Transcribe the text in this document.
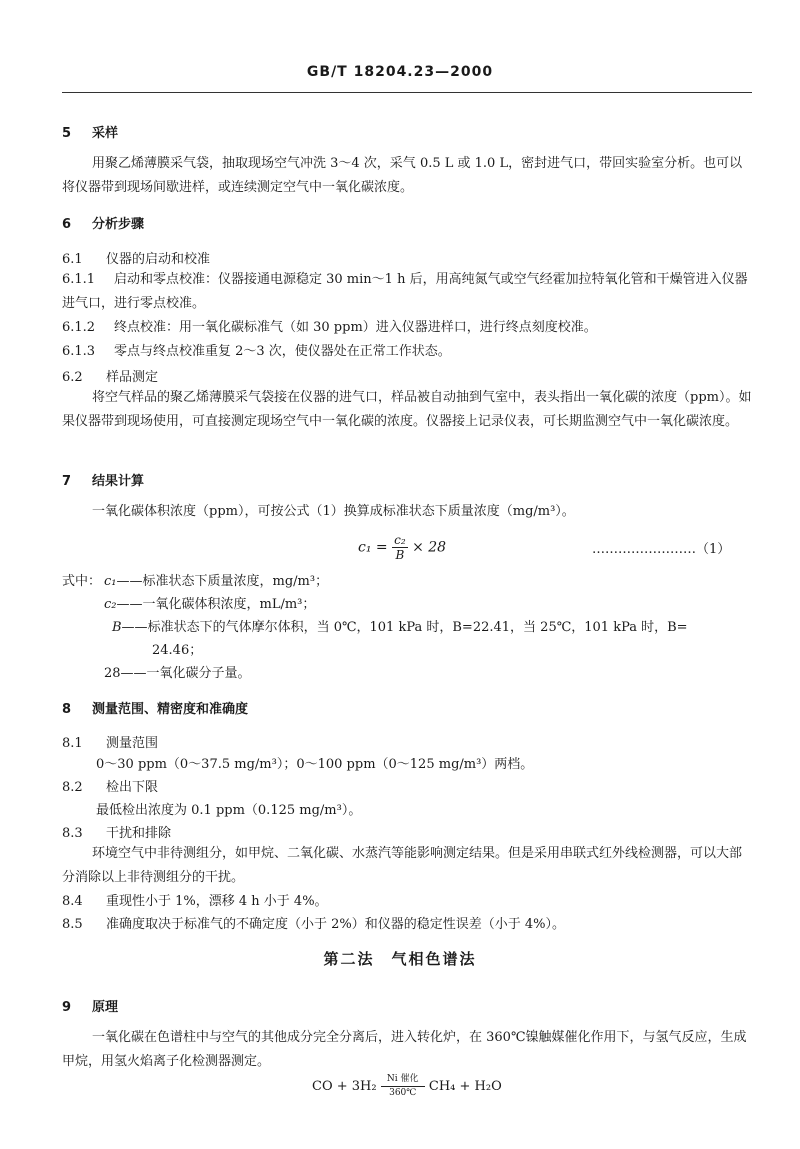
GB/T 18204.23—2000
5 采样
用聚乙烯薄膜采气袋，抽取现场空气冲洗 3～4 次，采气 0.5 L 或 1.0 L，密封进气口，带回实验室分析。也可以将仪器带到现场间歇进样，或连续测定空气中一氧化碳浓度。
6 分析步骤
6.1 仪器的启动和校准
6.1.1 启动和零点校准：仪器接通电源稳定 30 min～1 h 后，用高纯氮气或空气经霍加拉特氧化管和干燥管进入仪器进气口，进行零点校准。
6.1.2 终点校准：用一氧化碳标准气（如 30 ppm）进入仪器进样口，进行终点刻度校准。
6.1.3 零点与终点校准重复 2～3 次，使仪器处在正常工作状态。
6.2 样品测定
将空气样品的聚乙烯薄膜采气袋接在仪器的进气口，样品被自动抽到气室中，表头指出一氧化碳的浓度（ppm）。如果仪器带到现场使用，可直接测定现场空气中一氧化碳的浓度。仪器接上记录仪表，可长期监测空气中一氧化碳浓度。
7 结果计算
一氧化碳体积浓度（ppm），可按公式（1）换算成标准状态下质量浓度（mg/m³）。
$c_1 = \frac{\text{c₂}}{B} \times 28$	……………………（1）
式中： c₁——标准状态下质量浓度，mg/m³；
c₂——一氧化碳体积浓度，mL/m³；
B——标准状态下的气体摩尔体积，当 0℃，101 kPa 时，B=22.41，当 25℃，101 kPa 时，B=
24.46；
28——一氧化碳分子量。
8 测量范围、精密度和准确度
8.1 测量范围
0～30 ppm（0～37.5 mg/m³）；0～100 ppm（0～125 mg/m³）两档。
8.2 检出下限
最低检出浓度为 0.1 ppm（0.125 mg/m³）。
8.3 干扰和排除
环境空气中非待测组分，如甲烷、二氧化碳、水蒸汽等能影响测定结果。但是采用串联式红外线检测器，可以大部分消除以上非待测组分的干扰。
8.4 重现性小于 1%，漂移 4 h 小于 4%。
8.5 准确度取决于标准气的不确定度（小于 2%）和仪器的稳定性误差（小于 4%）。
第二法　气相色谱法
9 原理
一氧化碳在色谱柱中与空气的其他成分完全分离后，进入转化炉，在 360℃镍触媒催化作用下，与氢气反应，生成甲烷，用氢火焰离子化检测器测定。
CO + 3H₂ Ni 催化
360℃ CH₄ + H₂O
